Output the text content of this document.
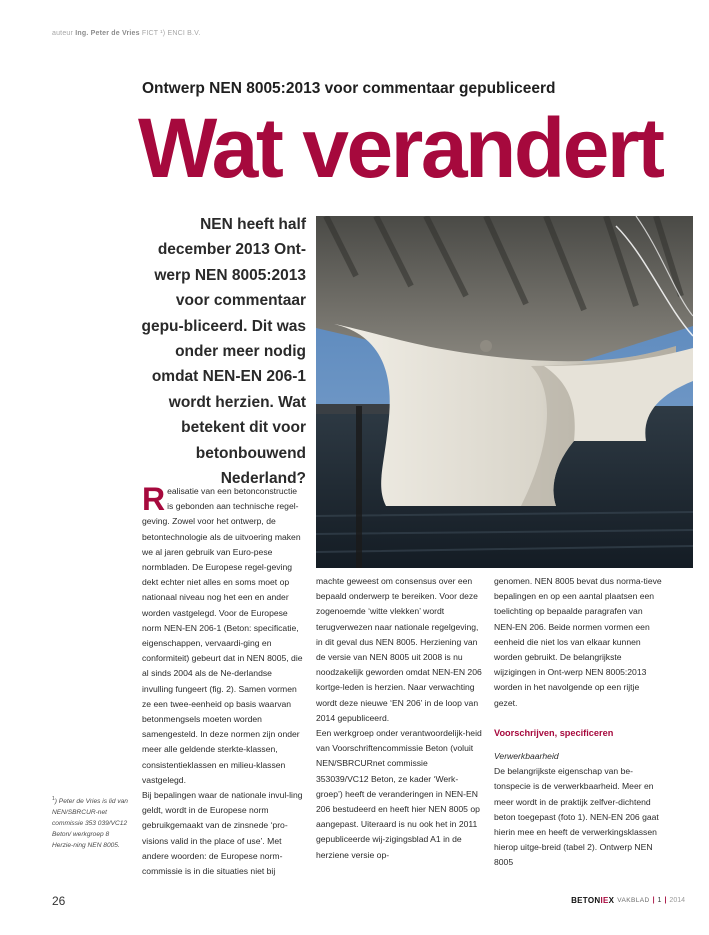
auteur Ing. Peter de Vries FICT ¹) ENCI B.V.
Ontwerp NEN 8005:2013 voor commentaar gepubliceerd
Wat verandert
NEN heeft half december 2013 Ont-werp NEN 8005:2013 voor commentaar gepu-bliceerd. Dit was onder meer nodig omdat NEN-EN 206-1 wordt herzien. Wat betekent dit voor betonbouwend Nederland?

Realisatie van een betonconstructie is gebonden aan technische regel-geving. Zowel voor het ontwerp, de betontechnologie als de uitvoering maken we al jaren gebruik van Euro-pese normbladen. De Europese regel-geving dekt echter niet alles en soms moet op nationaal niveau nog het een en ander worden vastgelegd. Voor de Europese norm NEN-EN 206-1 (Beton: specificatie, eigenschappen, vervaardi-ging en conformiteit) gebeurt dat in NEN 8005, die al sinds 2004 als de Ne-derlandse invulling fungeert (fig. 2). Samen vormen ze een twee-eenheid op basis waarvan betonmengsels moeten worden samengesteld. In deze normen zijn onder meer alle geldende sterkte-klassen, consistentieklassen en milieu-klassen vastgelegd.

Bij bepalingen waar de nationale invul-ling geldt, wordt in de Europese norm gebruikgemaakt van de zinsnede ‘pro-visions valid in the place of use’. Met andere woorden: de Europese norm-commissie is in die situaties niet bij

machte geweest om consensus over een bepaald onderwerp te bereiken. Voor deze zogenoemde ‘witte vlekken’ wordt terugverwezen naar nationale regelgeving, in dit geval dus NEN 8005. Herziening van de versie van NEN 8005 uit 2008 is nu noodzakelijk geworden omdat NEN-EN 206 kortge-leden is herzien. Naar verwachting wordt deze nieuwe ‘EN 206’ in de loop van 2014 gepubliceerd.

Een werkgroep onder verantwoordelijk-heid van Voorschriftencommissie Beton (voluit NEN/SBRCURnet commissie 353039/VC12 Beton, ze kader ‘Werk-groep’) heeft de veranderingen in NEN-EN 206 bestudeerd en heeft hier NEN 8005 op aangepast. Uiteraard is nu ook het in 2011 gepubliceerde wij-zigingsblad A1 in de herziene versie op-

genomen. NEN 8005 bevat dus norma-tieve bepalingen en op een aantal plaatsen een toelichting op bepaalde paragrafen van NEN-EN 206. Beide normen vormen een eenheid die niet los van elkaar kunnen worden gebruikt. De belangrijkste wijzigingen in Ont-werp NEN 8005:2013 worden in het navolgende op een rijtje gezet.

Voorschrijven, specificeren

Verwerkbaarheid

De belangrijkste eigenschap van be-tonspecie is de verwerkbaarheid. Meer en meer wordt in de praktijk zelfver-dichtend beton toegepast (foto 1). NEN-EN 206 gaat hierin mee en heeft de verwerkingsklassen hierop uitge-breid (tabel 2). Ontwerp NEN 8005

$^1$) Peter de Vries is lid van NEN/SBRCUR-net commissie 353 039/VC12 Beton/ werkgroep 8 Herzie-ning NEN 8005.
26	BETONIEX VAKBLAD | 1 | 2014
